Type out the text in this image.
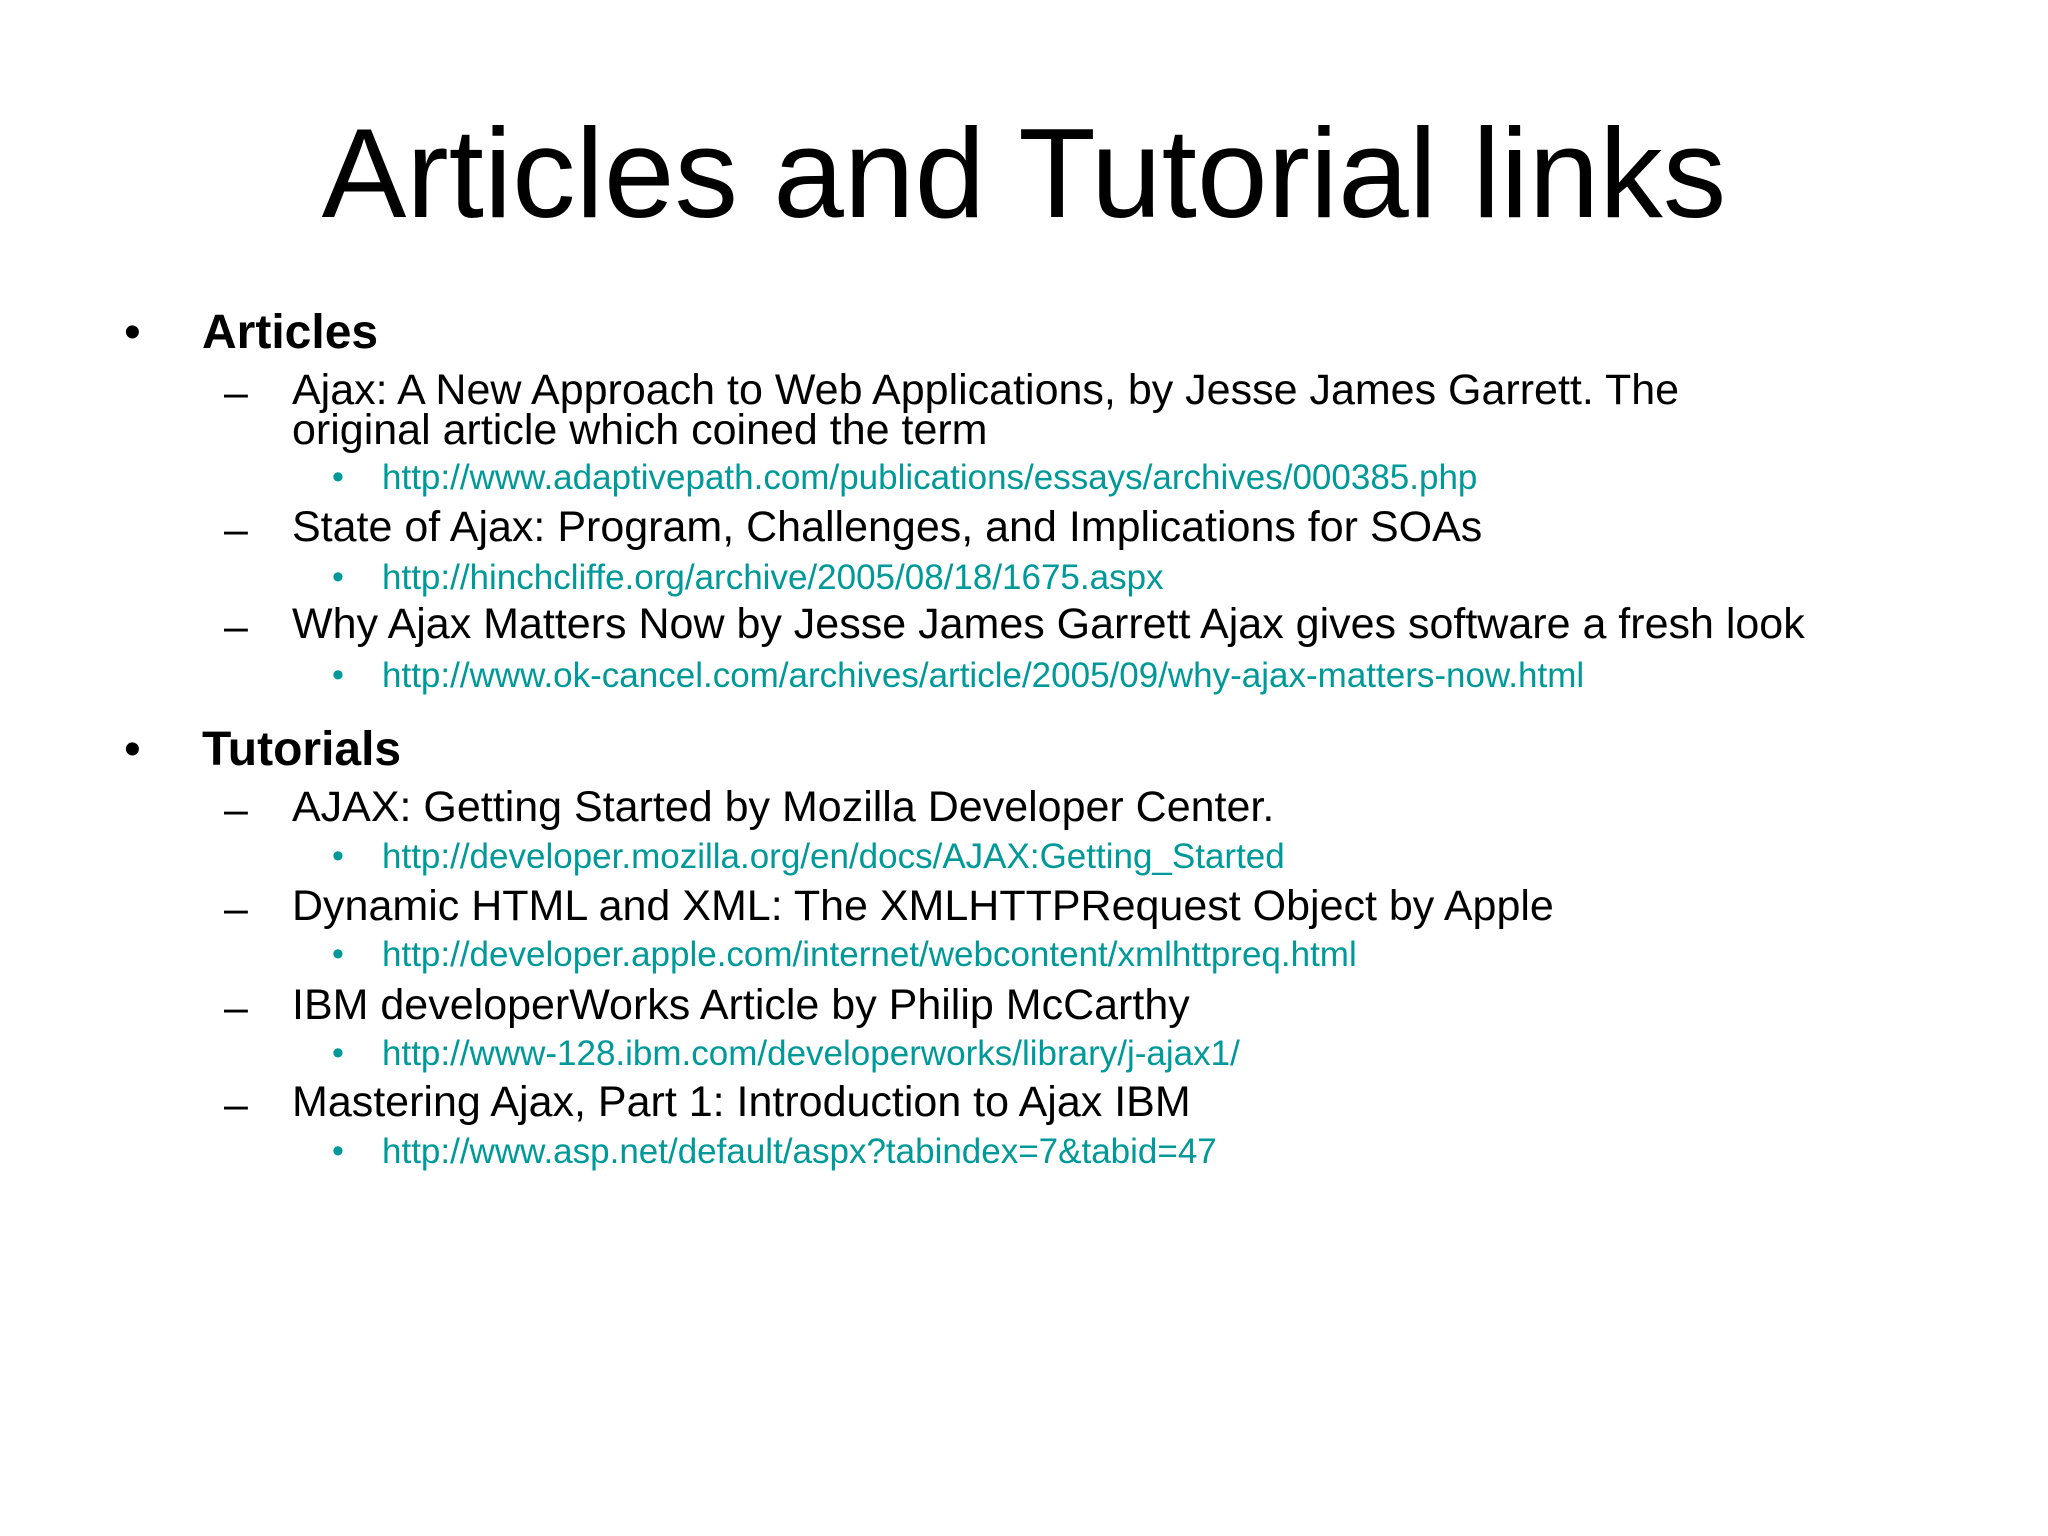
Articles and Tutorial links
• Articles
– Ajax: A New Approach to Web Applications, by Jesse James Garrett. The
original article which coined the term
• http://www.adaptivepath.com/publications/essays/archives/000385.php
– State of Ajax: Program, Challenges, and Implications for SOAs
• http://hinchcliffe.org/archive/2005/08/18/1675.aspx
– Why Ajax Matters Now by Jesse James Garrett Ajax gives software a fresh look
• http://www.ok-cancel.com/archives/article/2005/09/why-ajax-matters-now.html
• Tutorials
– AJAX: Getting Started by Mozilla Developer Center.
• http://developer.mozilla.org/en/docs/AJAX:Getting_Started
– Dynamic HTML and XML: The XMLHTTPRequest Object by Apple
• http://developer.apple.com/internet/webcontent/xmlhttpreq.html
– IBM developerWorks Article by Philip McCarthy
• http://www-128.ibm.com/developerworks/library/j-ajax1/
– Mastering Ajax, Part 1: Introduction to Ajax IBM
• http://www.asp.net/default/aspx?tabindex=7&tabid=47
